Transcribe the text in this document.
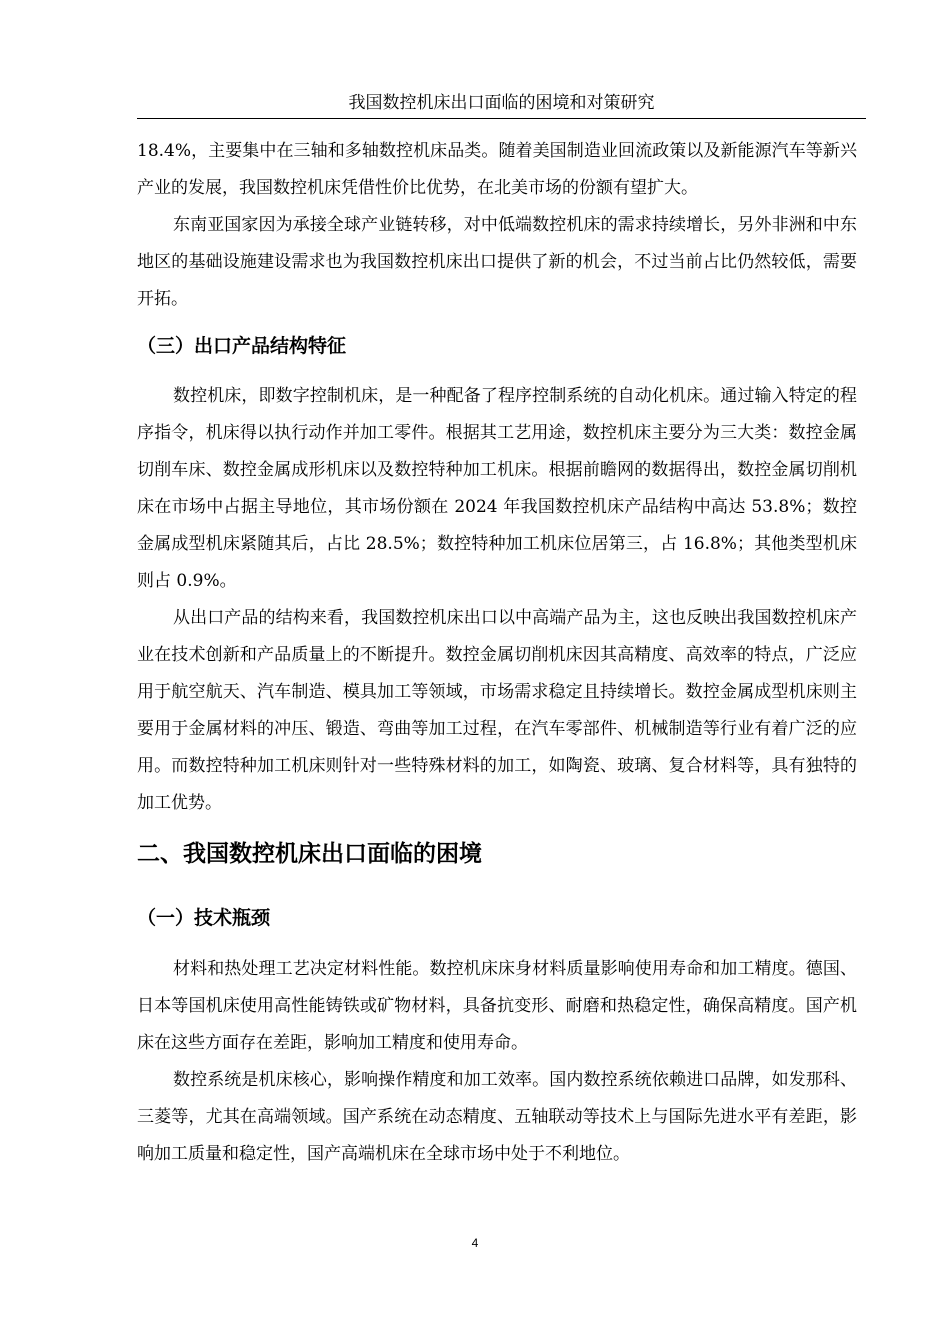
我国数控机床出口面临的困境和对策研究

18.4%，主要集中在三轴和多轴数控机床品类。随着美国制造业回流政策以及新能源汽车等新兴产业的发展，我国数控机床凭借性价比优势，在北美市场的份额有望扩大。

东南亚国家因为承接全球产业链转移，对中低端数控机床的需求持续增长，另外非洲和中东地区的基础设施建设需求也为我国数控机床出口提供了新的机会，不过当前占比仍然较低，需要开拓。

（三）出口产品结构特征

数控机床，即数字控制机床，是一种配备了程序控制系统的自动化机床。通过输入特定的程序指令，机床得以执行动作并加工零件。根据其工艺用途，数控机床主要分为三大类：数控金属切削车床、数控金属成形机床以及数控特种加工机床。根据前瞻网的数据得出，数控金属切削机床在市场中占据主导地位，其市场份额在 2024 年我国数控机床产品结构中高达 53.8%；数控金属成型机床紧随其后，占比 28.5%；数控特种加工机床位居第三，占 16.8%；其他类型机床则占 0.9%。

从出口产品的结构来看，我国数控机床出口以中高端产品为主，这也反映出我国数控机床产业在技术创新和产品质量上的不断提升。数控金属切削机床因其高精度、高效率的特点，广泛应用于航空航天、汽车制造、模具加工等领域，市场需求稳定且持续增长。数控金属成型机床则主要用于金属材料的冲压、锻造、弯曲等加工过程，在汽车零部件、机械制造等行业有着广泛的应用。而数控特种加工机床则针对一些特殊材料的加工，如陶瓷、玻璃、复合材料等，具有独特的加工优势。

二、我国数控机床出口面临的困境
（一）技术瓶颈

材料和热处理工艺决定材料性能。数控机床床身材料质量影响使用寿命和加工精度。德国、日本等国机床使用高性能铸铁或矿物材料，具备抗变形、耐磨和热稳定性，确保高精度。国产机床在这些方面存在差距，影响加工精度和使用寿命。

数控系统是机床核心，影响操作精度和加工效率。国内数控系统依赖进口品牌，如发那科、三菱等，尤其在高端领域。国产系统在动态精度、五轴联动等技术上与国际先进水平有差距，影响加工质量和稳定性，国产高端机床在全球市场中处于不利地位。

4
